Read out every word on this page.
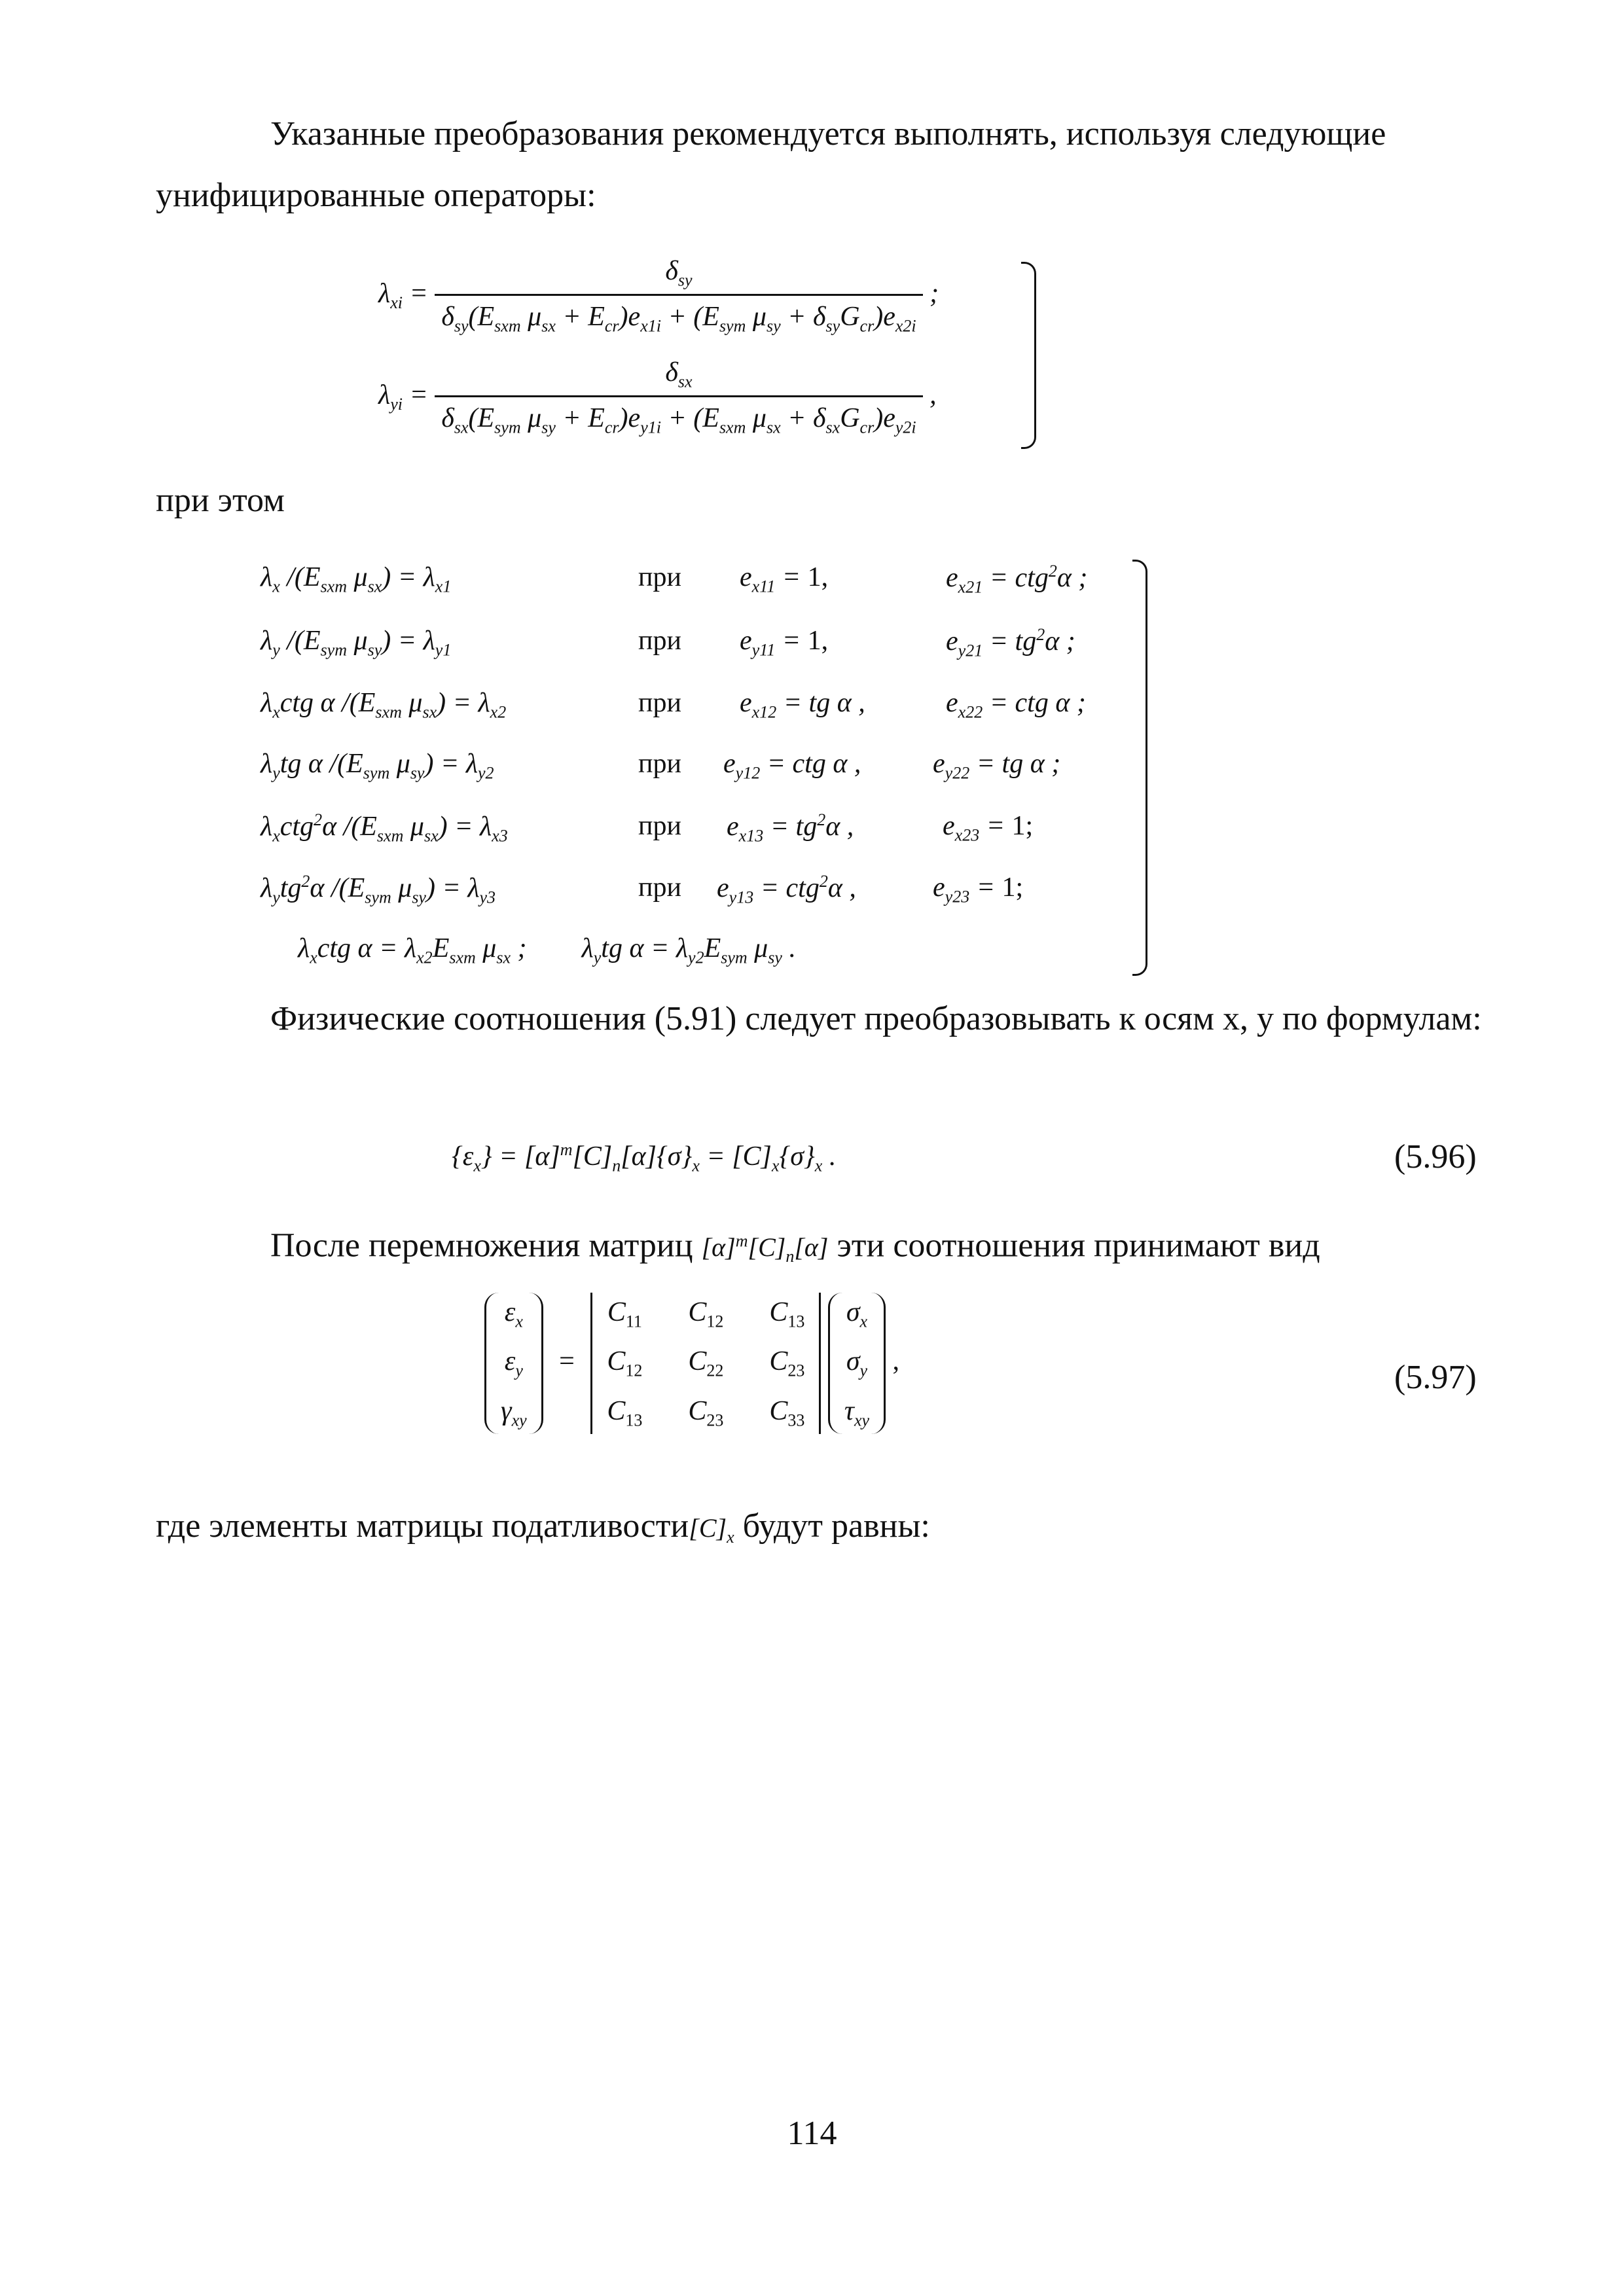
Указанные преобразования рекомендуется выполнять, используя следующие унифицированные операторы:

$\lambda_{xi} = \frac{\delta_{sy}}{\delta_{sy}(E_{sxm} \mu_{sx} + E_{cr})e_{x1i} + (E_{sym} \mu_{sy} + \delta_{sy}G_{cr})e_{x2i}}$ ;
$\lambda_{yi} = \frac{\delta_{sx}}{\delta_{sx}(E_{sym} \mu_{sy} + E_{cr})e_{y1i} + (E_{sxm} \mu_{sx} + \delta_{sx}G_{cr})e_{y2i}}$ ,

при этом

$\lambda_x$ $/(E_{sxm}$ $\mu_{sx}) = \lambda_{x1}$
$\lambda_y$ $/(E_{sym}$ $\mu_{sy}) = \lambda_{y1}$
$\lambda_xctg$ α $/(E_{sxm}$ $\mu_{sx}) = \lambda_{x2}$
$\lambda_ytg$ α $/(E_{sym}$ $\mu_{sy}) = \lambda_{y2}$
$\lambda_xctg^2\alpha$ $/(E_{sxm}$ $\mu_{sx}) = \lambda_{x3}$
$\lambda_ytg^2\alpha$ $/(E_{sym}$ $\mu_{sy}) = \lambda_{y3}$
при
при
при
при
при
при
$e_{x11} = 1$,
$e_{y11} = 1$,
$e_{x12}$ = tg α ,
$e_{y12}$ = ctg α ,
$e_{x13} = tg^2\alpha$ ,
$e_{y13} = ctg^2\alpha$ ,
$e_{x21} = ctg^2\alpha$ ;
$e_{y21} = tg^2\alpha$ ;
$e_{x22}$ = ctg α ;
$e_{y22}$ = tg α ;
$e_{x23} = 1$;
$e_{y23} = 1$;
$\lambda_xctg$ $\alpha = \lambda_{x2}E_{sxm}$ $\mu_{sx}$ ;        $\lambda_ytg$ $\alpha = \lambda_{y2}E_{sym}$ $\mu_{sy}$ .

Физические соотношения (5.91) следует преобразовывать к осям x, y по формулам:

$\{\varepsilon_x\} = [\alpha]^т[C]_n[\alpha]\{\sigma\}_x = [C]_x\{\sigma\}_x$ .	(5.96)

После перемножения матриц $[\alpha]^т[C]_n[\alpha]$ эти соотношения принимают вид

$\varepsilon_x$
$\varepsilon_y$
$\gamma_{xy}$
=
$C_{11}$ $C_{12}$ $C_{13}$
$C_{12}$ $C_{22}$ $C_{23}$
$C_{13}$ $C_{23}$ $C_{33}$

$\sigma_x$
$\sigma_y$
$\tau_{xy}$
,	(5.97)

где элементы матрицы $податливости[C]_x$ будут равны:

114
